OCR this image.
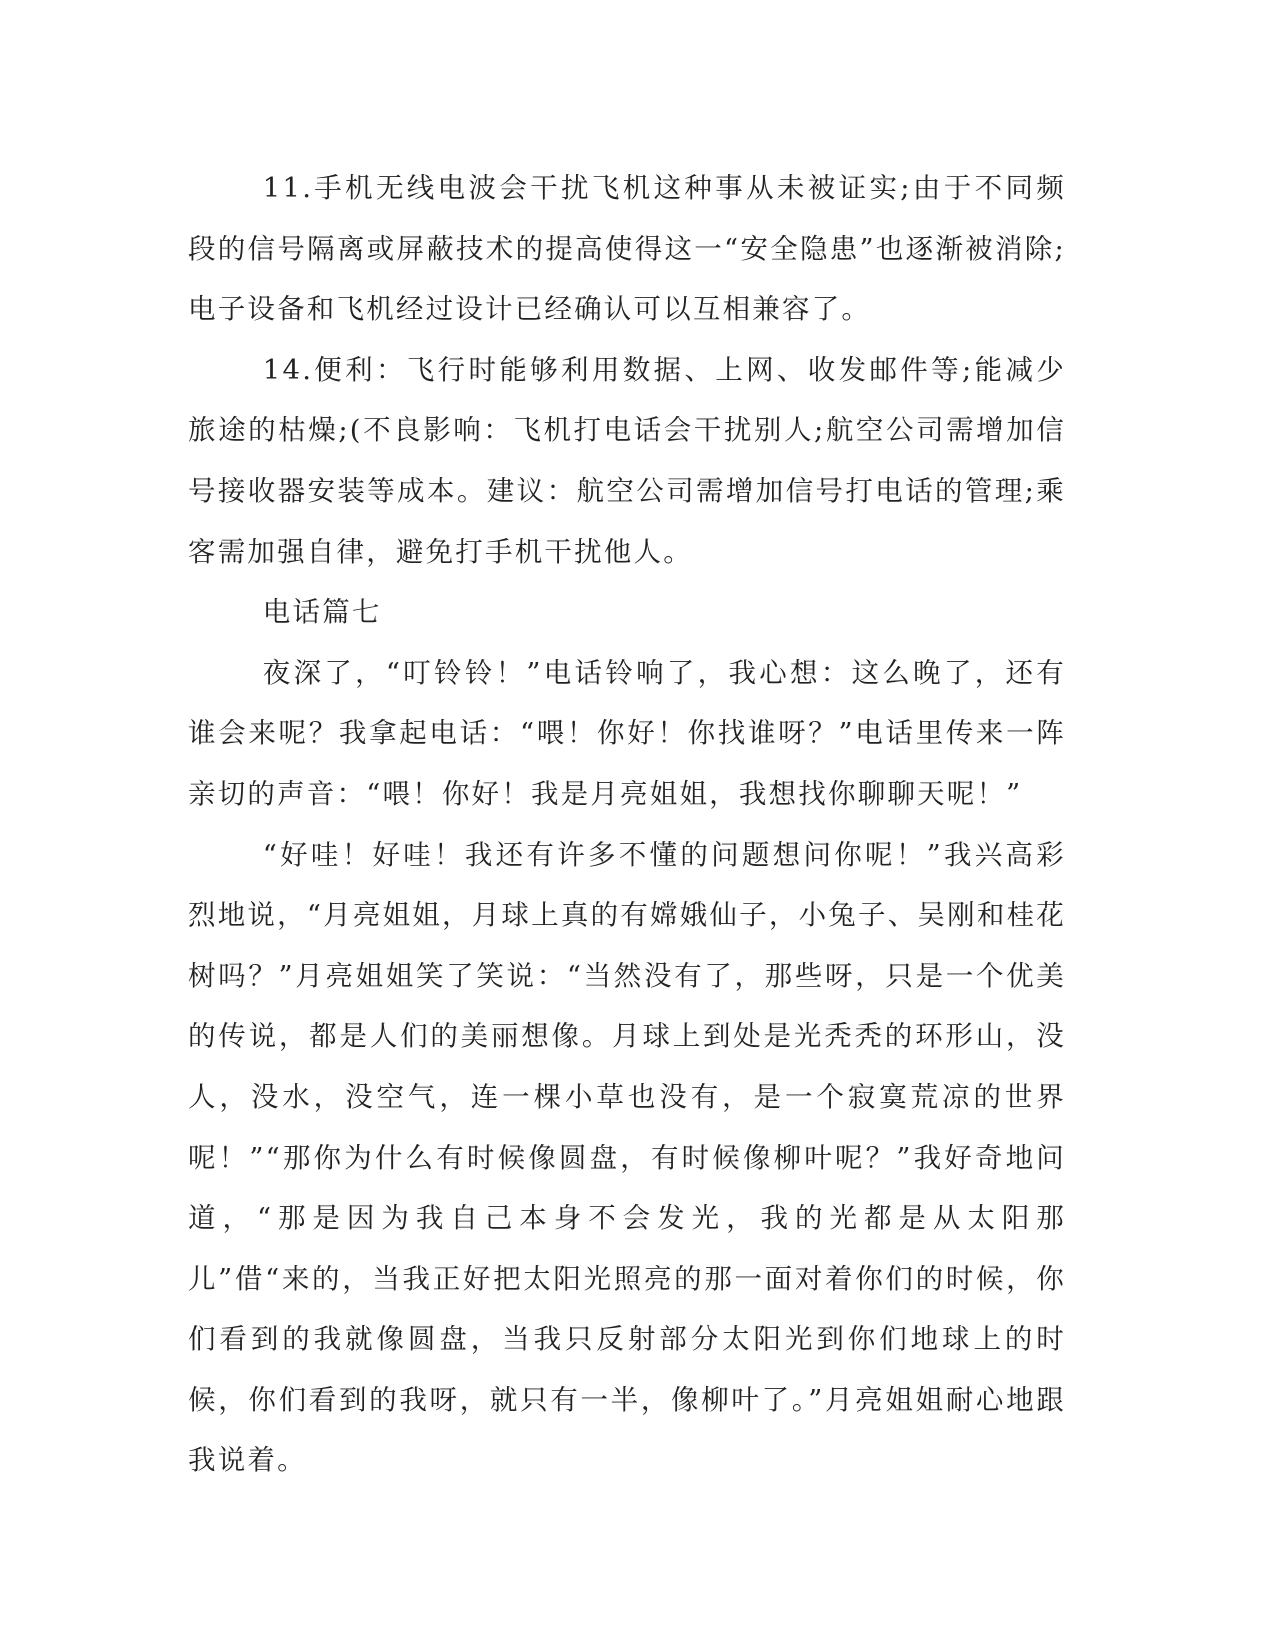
11.手机无线电波会干扰飞机这种事从未被证实;由于不同频段的信号隔离或屏蔽技术的提高使得这一“安全隐患”也逐渐被消除;电子设备和飞机经过设计已经确认可以互相兼容了。

14.便利：飞行时能够利用数据、上网、收发邮件等;能减少旅途的枯燥;(不良影响：飞机打电话会干扰别人;航空公司需增加信号接收器安装等成本。建议：航空公司需增加信号打电话的管理;乘客需加强自律，避免打手机干扰他人。

电话篇七

夜深了，“叮铃铃！”电话铃响了，我心想：这么晚了，还有谁会来呢？我拿起电话：“喂！你好！你找谁呀？”电话里传来一阵亲切的声音：“喂！你好！我是月亮姐姐，我想找你聊聊天呢！”

“好哇！好哇！我还有许多不懂的问题想问你呢！”我兴高彩烈地说，“月亮姐姐，月球上真的有嫦娥仙子，小兔子、吴刚和桂花树吗？”月亮姐姐笑了笑说：“当然没有了，那些呀，只是一个优美的传说，都是人们的美丽想像。月球上到处是光秃秃的环形山，没人，没水，没空气，连一棵小草也没有，是一个寂寞荒凉的世界呢！”“那你为什么有时候像圆盘，有时候像柳叶呢？”我好奇地问道，“那是因为我自己本身不会发光，我的光都是从太阳那儿”借“来的，当我正好把太阳光照亮的那一面对着你们的时候，你们看到的我就像圆盘，当我只反射部分太阳光到你们地球上的时候，你们看到的我呀，就只有一半，像柳叶了。”月亮姐姐耐心地跟我说着。
